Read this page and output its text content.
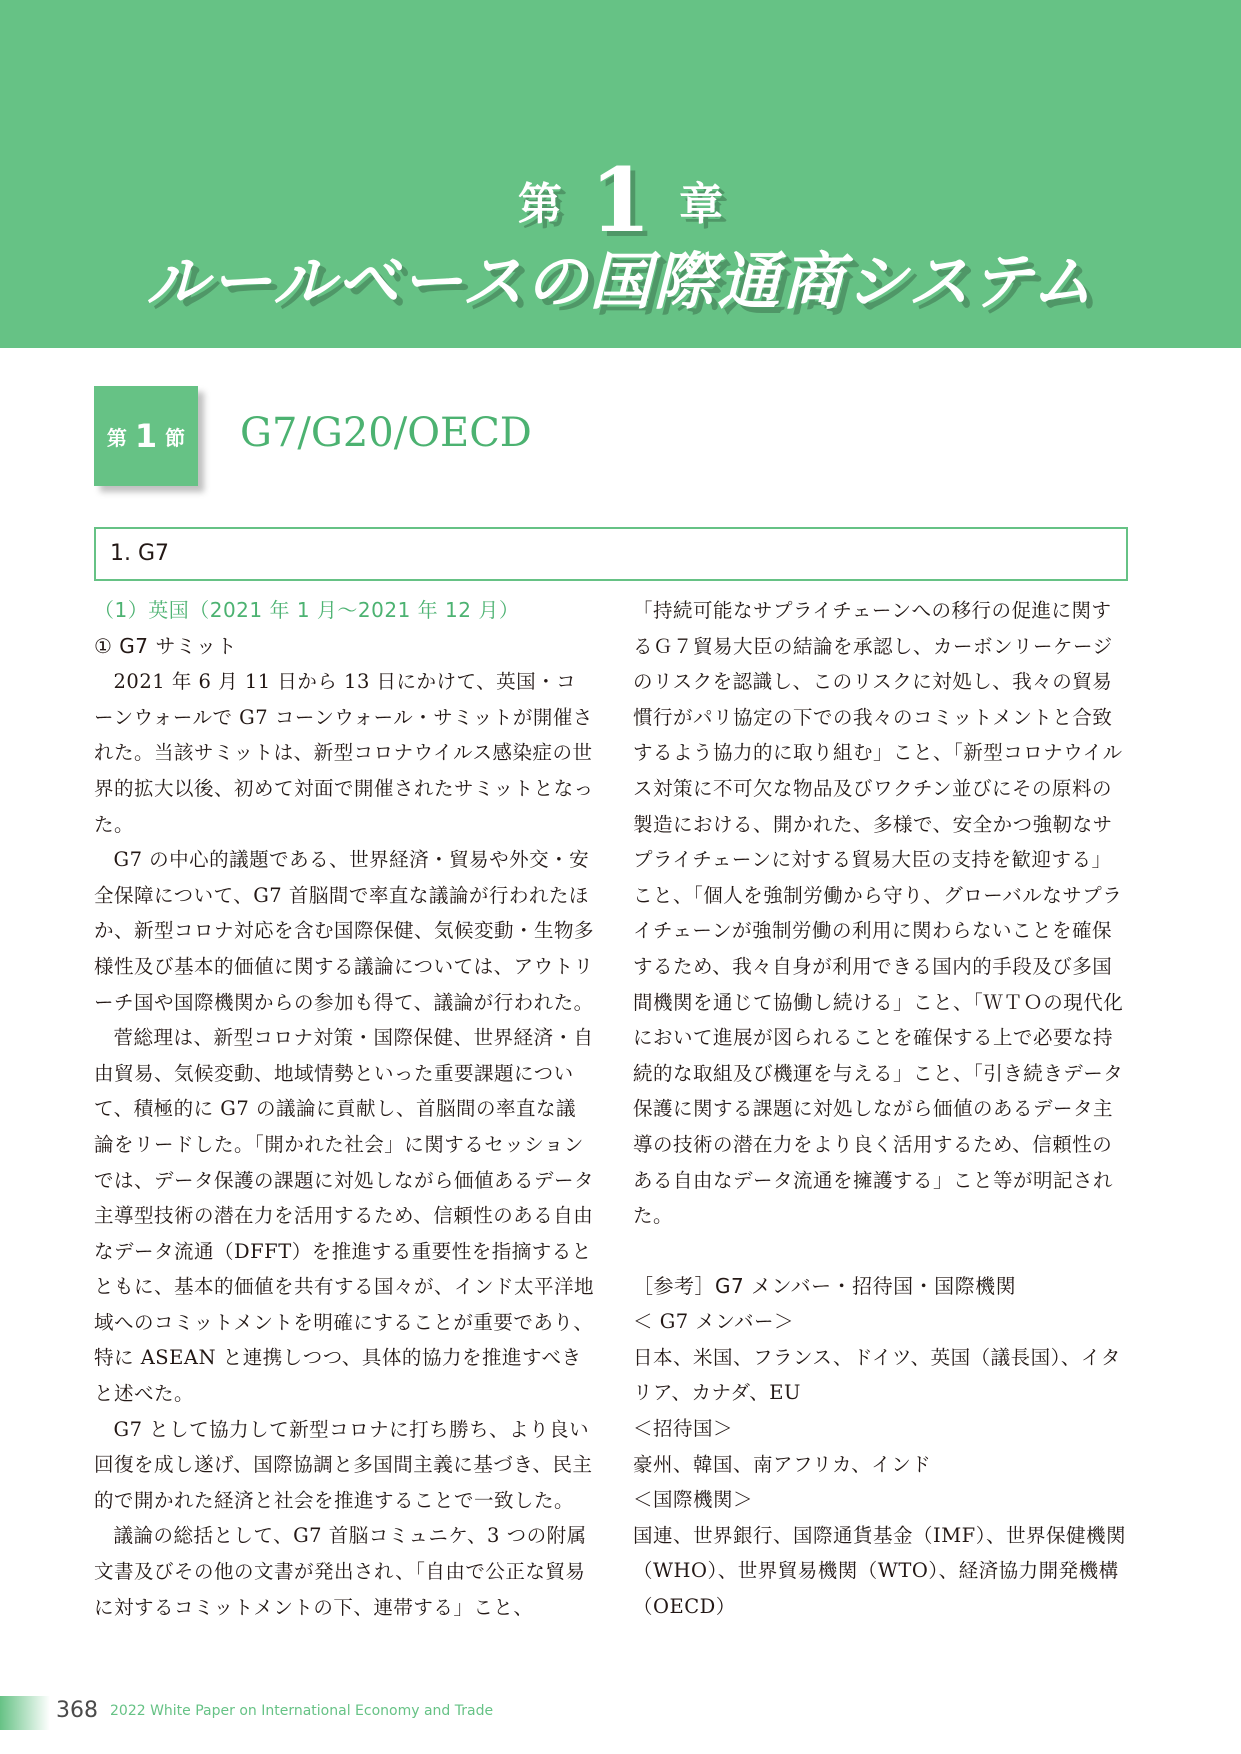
第 1 章
ルールベースの国際通商システム
第 1 節 G7/G20/OECD
1. G7
（1）英国（2021 年 1 月～2021 年 12 月）
① G7 サミット

2021 年 6 月 11 日から 13 日にかけて、英国・コーンウォールで G7 コーンウォール・サミットが開催された。当該サミットは、新型コロナウイルス感染症の世界的拡大以後、初めて対面で開催されたサミットとなった。

G7 の中心的議題である、世界経済・貿易や外交・安全保障について、G7 首脳間で率直な議論が行われたほか、新型コロナ対応を含む国際保健、気候変動・生物多様性及び基本的価値に関する議論については、アウトリーチ国や国際機関からの参加も得て、議論が行われた。

菅総理は、新型コロナ対策・国際保健、世界経済・自由貿易、気候変動、地域情勢といった重要課題について、積極的に G7 の議論に貢献し、首脳間の率直な議論をリードした。「開かれた社会」に関するセッションでは、データ保護の課題に対処しながら価値あるデータ主導型技術の潜在力を活用するため、信頼性のある自由なデータ流通（DFFT）を推進する重要性を指摘するとともに、基本的価値を共有する国々が、インド太平洋地域へのコミットメントを明確にすることが重要であり、特に ASEAN と連携しつつ、具体的協力を推進すべきと述べた。

G7 として協力して新型コロナに打ち勝ち、より良い回復を成し遂げ、国際協調と多国間主義に基づき、民主的で開かれた経済と社会を推進することで一致した。

議論の総括として、G7 首脳コミュニケ、3 つの附属文書及びその他の文書が発出され、「自由で公正な貿易に対するコミットメントの下、連帯する」こと、

「持続可能なサプライチェーンへの移行の促進に関するＧ７貿易大臣の結論を承認し、カーボンリーケージのリスクを認識し、このリスクに対処し、我々の貿易慣行がパリ協定の下での我々のコミットメントと合致するよう協力的に取り組む」こと、「新型コロナウイルス対策に不可欠な物品及びワクチン並びにその原料の製造における、開かれた、多様で、安全かつ強靭なサプライチェーンに対する貿易大臣の支持を歓迎する」こと、「個人を強制労働から守り、グローバルなサプライチェーンが強制労働の利用に関わらないことを確保するため、我々自身が利用できる国内的手段及び多国間機関を通じて協働し続ける」こと、「ＷＴＯの現代化において進展が図られることを確保する上で必要な持続的な取組及び機運を与える」こと、「引き続きデータ保護に関する課題に対処しながら価値のあるデータ主導の技術の潜在力をより良く活用するため、信頼性のある自由なデータ流通を擁護する」こと等が明記された。

［参考］G7 メンバー・招待国・国際機関
＜ G7 メンバー＞
日本、米国、フランス、ドイツ、英国（議長国）、イタリア、カナダ、EU
＜招待国＞
豪州、韓国、南アフリカ、インド
＜国際機関＞
国連、世界銀行、国際通貨基金（IMF）、世界保健機関（WHO）、世界貿易機関（WTO）、経済協力開発機構（OECD）
368 2022 White Paper on International Economy and Trade
